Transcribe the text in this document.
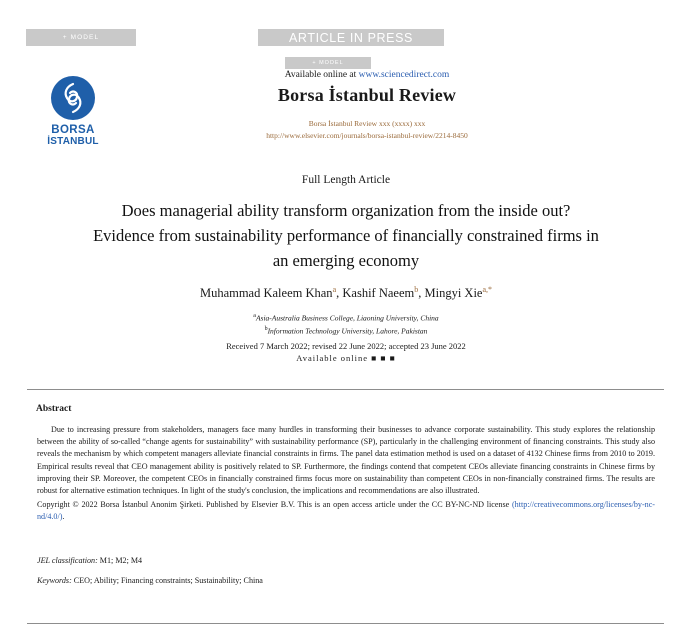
+ MODEL	ARTICLE IN PRESS
+ MODEL
Available online at www.sciencedirect.com
Borsa İstanbul Review
Borsa İstanbul Review xxx (xxxx) xxx
http://www.elsevier.com/journals/borsa-istanbul-review/2214-8450
BORSA
İSTANBUL
Full Length Article
Does managerial ability transform organization from the inside out?
Evidence from sustainability performance of financially constrained firms in
an emerging economy
Muhammad Kaleem Khan$^a$, Kashif Naeem$^b$, Mingyi Xie$^{a,*}$
$^a$Asia-Australia Business College, Liaoning University, China
$^b$Information Technology University, Lahore, Pakistan
Received 7 March 2022; revised 22 June 2022; accepted 23 June 2022
Available online ■ ■ ■
Abstract

Due to increasing pressure from stakeholders, managers face many hurdles in transforming their businesses to advance corporate sustainability. This study explores the relationship between the ability of so-called “change agents for sustainability” with sustainability performance (SP), particularly in the challenging environment of financing constraints. This study also reveals the mechanism by which competent managers alleviate financial constraints in firms. The panel data estimation method is used on a dataset of 4132 Chinese firms from 2010 to 2019. Empirical results reveal that CEO management ability is positively related to SP. Furthermore, the findings contend that competent CEOs alleviate financing constraints in Chinese firms by improving their SP. Moreover, the competent CEOs in financially constrained firms focus more on sustainability than competent CEOs in non-financially constrained firms. The results are robust for alternative estimation techniques. In light of the study's conclusion, the implications and recommendations are also illustrated.

Copyright © 2022 Borsa İstanbul Anonim Şirketi. Published by Elsevier B.V. This is an open access article under the CC BY-NC-ND license (http://creativecommons.org/licenses/by-nc-nd/4.0/).

JEL classification: M1; M2; M4
Keywords: CEO; Ability; Financing constraints; Sustainability; China
